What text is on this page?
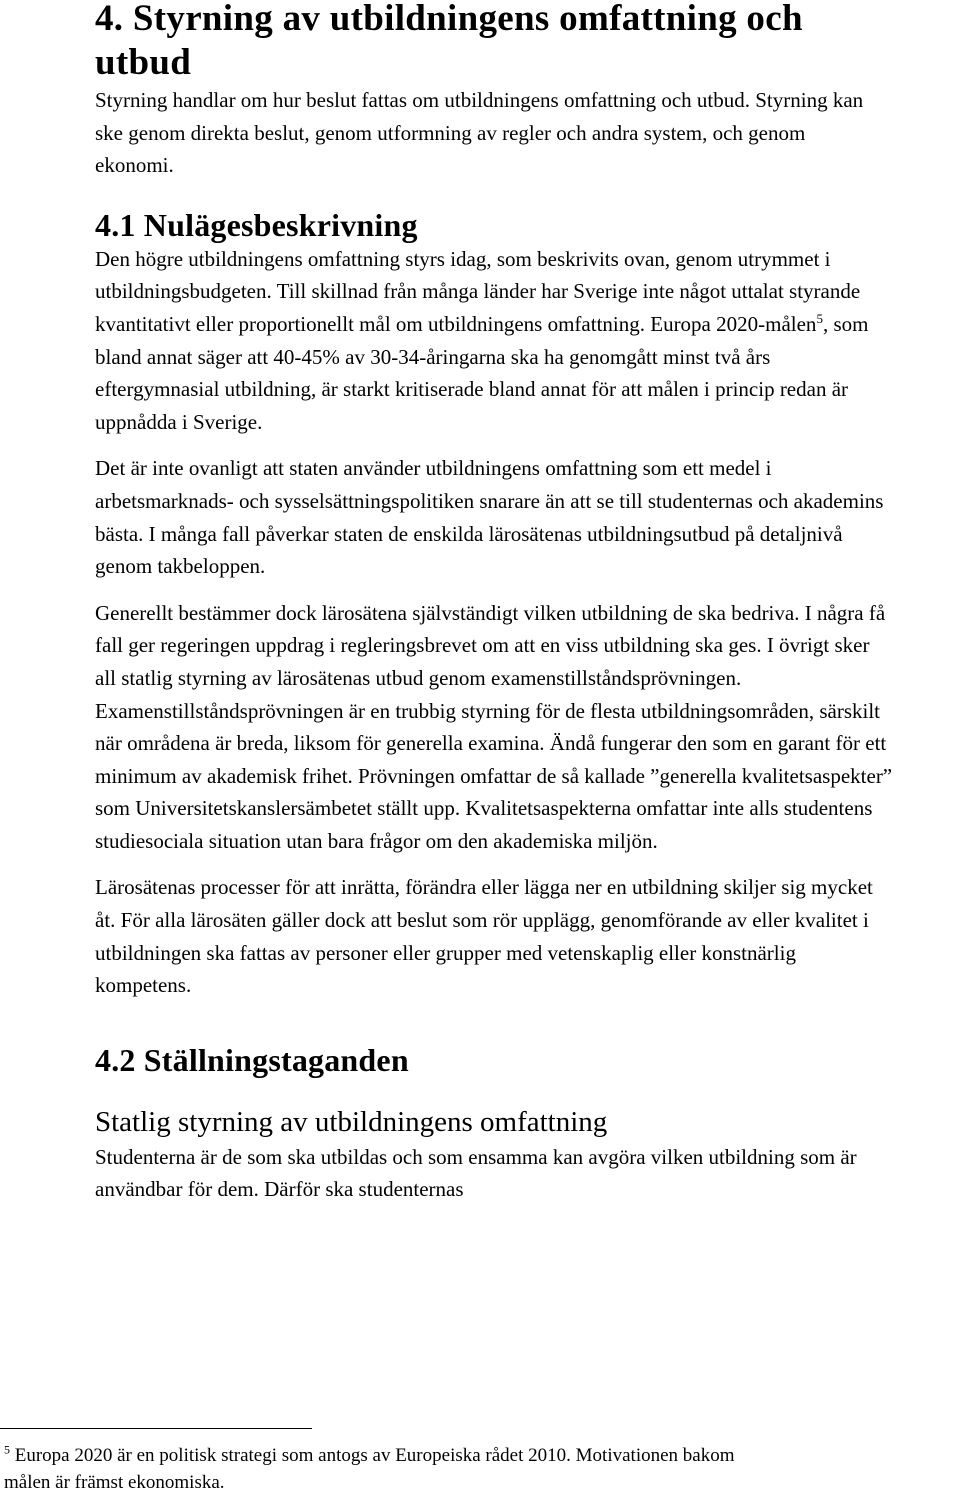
4. Styrning av utbildningens omfattning och utbud

Styrning handlar om hur beslut fattas om utbildningens omfattning och utbud. Styrning kan ske genom direkta beslut, genom utformning av regler och andra system, och genom ekonomi.

4.1 Nulägesbeskrivning

Den högre utbildningens omfattning styrs idag, som beskrivits ovan, genom utrymmet i utbildningsbudgeten. Till skillnad från många länder har Sverige inte något uttalat styrande kvantitativt eller proportionellt mål om utbildningens omfattning. Europa 2020-målen$^5$, som bland annat säger att 40-45% av 30-34-åringarna ska ha genomgått minst två års eftergymnasial utbildning, är starkt kritiserade bland annat för att målen i princip redan är uppnådda i Sverige.

Det är inte ovanligt att staten använder utbildningens omfattning som ett medel i arbetsmarknads- och sysselsättningspolitiken snarare än att se till studenternas och akademins bästa. I många fall påverkar staten de enskilda lärosätenas utbildningsutbud på detaljnivå genom takbeloppen.

Generellt bestämmer dock lärosätena självständigt vilken utbildning de ska bedriva. I några få fall ger regeringen uppdrag i regleringsbrevet om att en viss utbildning ska ges. I övrigt sker all statlig styrning av lärosätenas utbud genom examenstillståndsprövningen. Examenstillståndsprövningen är en trubbig styrning för de flesta utbildningsområden, särskilt när områdena är breda, liksom för generella examina. Ändå fungerar den som en garant för ett minimum av akademisk frihet. Prövningen omfattar de så kallade ”generella kvalitetsaspekter” som Universitetskanslersämbetet ställt upp. Kvalitetsaspekterna omfattar inte alls studentens studiesociala situation utan bara frågor om den akademiska miljön.

Lärosätenas processer för att inrätta, förändra eller lägga ner en utbildning skiljer sig mycket åt. För alla lärosäten gäller dock att beslut som rör upplägg, genomförande av eller kvalitet i utbildningen ska fattas av personer eller grupper med vetenskaplig eller konstnärlig kompetens.

4.2 Ställningstaganden
Statlig styrning av utbildningens omfattning

Studenterna är de som ska utbildas och som ensamma kan avgöra vilken utbildning som är användbar för dem. Därför ska studenternas

$^5$ Europa 2020 är en politisk strategi som antogs av Europeiska rådet 2010. Motivationen bakom
målen är främst ekonomiska.
